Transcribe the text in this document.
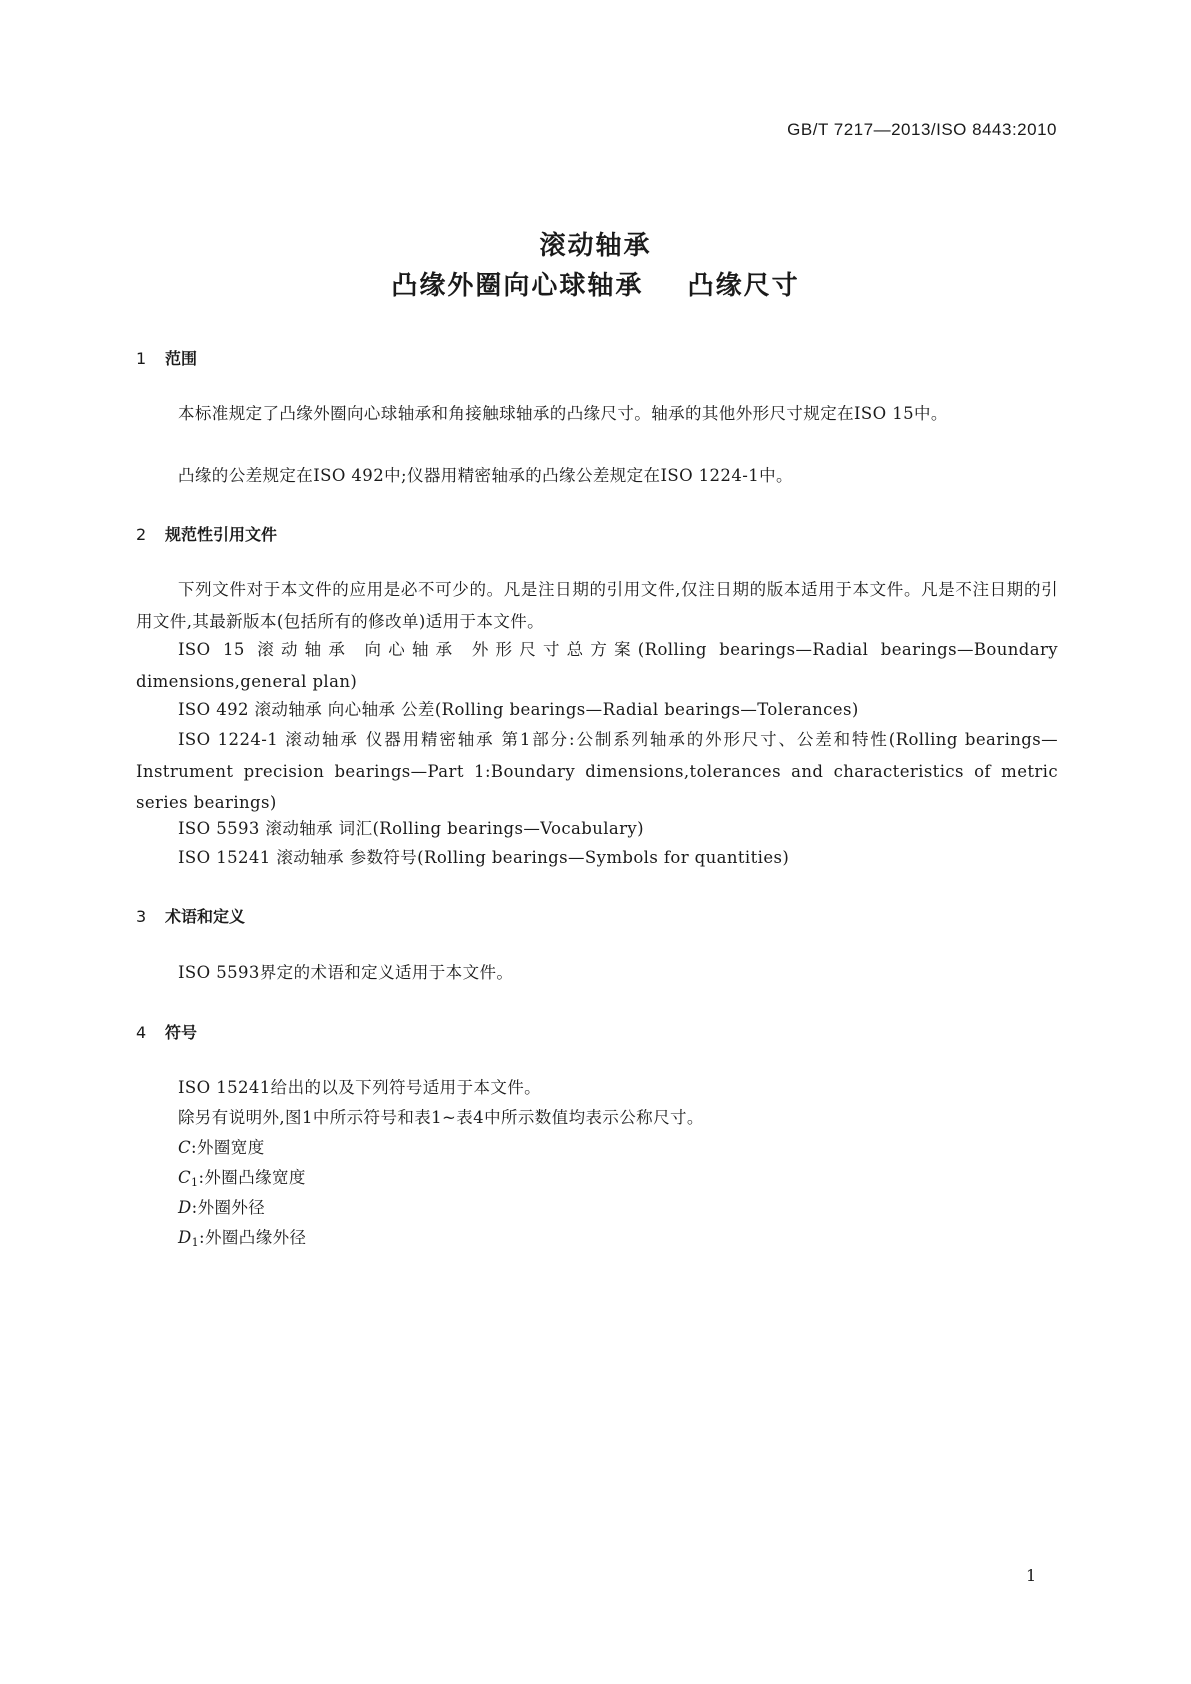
GB/T 7217—2013/ISO 8443:2010
滚动轴承
凸缘外圈向心球轴承    凸缘尺寸
1 范围
本标准规定了凸缘外圈向心球轴承和角接触球轴承的凸缘尺寸。轴承的其他外形尺寸规定在ISO 15中。
凸缘的公差规定在ISO 492中;仪器用精密轴承的凸缘公差规定在ISO 1224-1中。
2 规范性引用文件
下列文件对于本文件的应用是必不可少的。凡是注日期的引用文件,仅注日期的版本适用于本文件。凡是不注日期的引用文件,其最新版本(包括所有的修改单)适用于本文件。
ISO 15 滚动轴承 向心轴承 外形尺寸总方案(Rolling bearings—Radial bearings—Boundary dimensions,general plan)
ISO 492 滚动轴承 向心轴承 公差(Rolling bearings—Radial bearings—Tolerances)
ISO 1224-1 滚动轴承 仪器用精密轴承 第1部分:公制系列轴承的外形尺寸、公差和特性(Rolling bearings—Instrument precision bearings—Part 1:Boundary dimensions,tolerances and characteristics of metric series bearings)
ISO 5593 滚动轴承 词汇(Rolling bearings—Vocabulary)
ISO 15241 滚动轴承 参数符号(Rolling bearings—Symbols for quantities)
3 术语和定义
ISO 5593界定的术语和定义适用于本文件。
4 符号
ISO 15241给出的以及下列符号适用于本文件。
除另有说明外,图1中所示符号和表1~表4中所示数值均表示公称尺寸。
C:外圈宽度
$C_1$:外圈凸缘宽度
D:外圈外径
$D_1$:外圈凸缘外径
1
